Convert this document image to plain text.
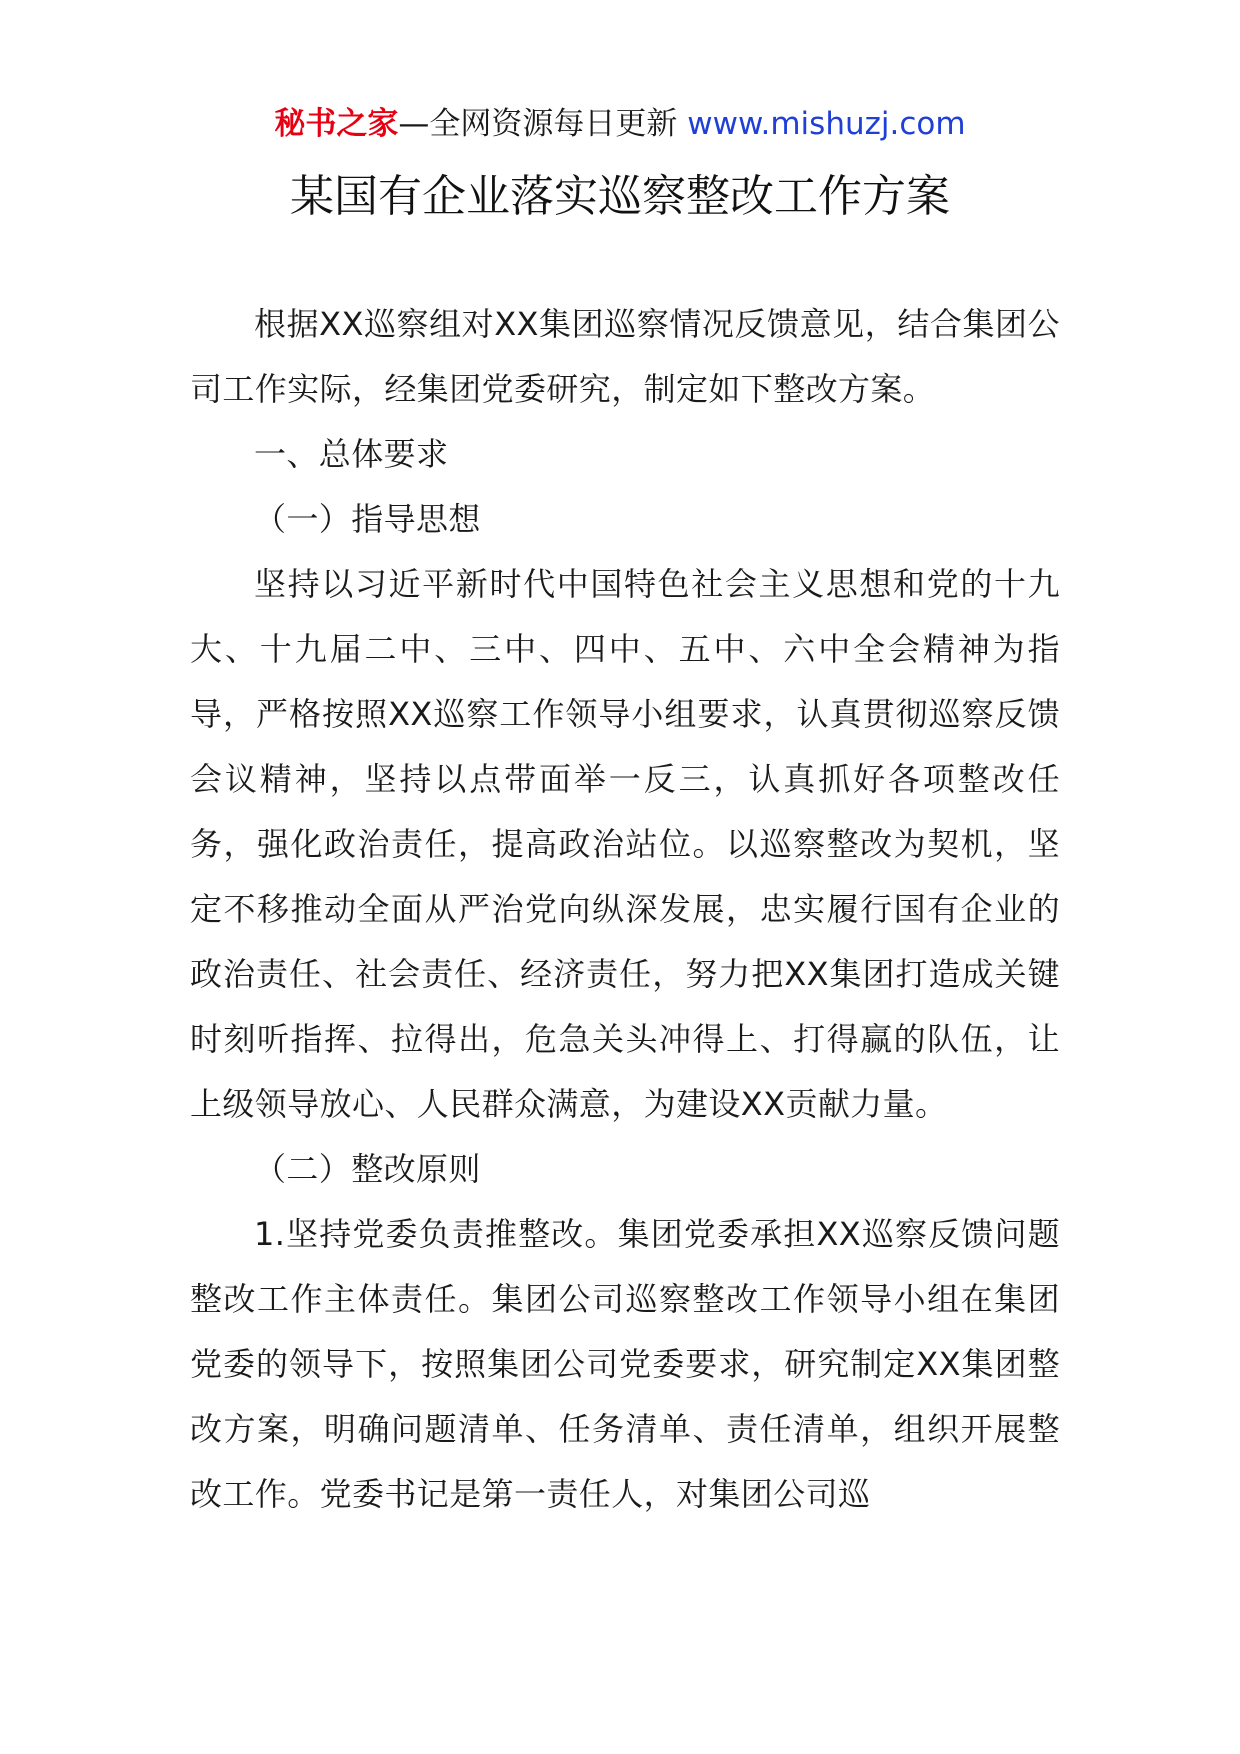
秘书之家—全网资源每日更新 www.mishuzj.com
某国有企业落实巡察整改工作方案

根据XX巡察组对XX集团巡察情况反馈意见，结合集团公司工作实际，经集团党委研究，制定如下整改方案。

一、总体要求

（一）指导思想

坚持以习近平新时代中国特色社会主义思想和党的十九大、十九届二中、三中、四中、五中、六中全会精神为指导，严格按照XX巡察工作领导小组要求，认真贯彻巡察反馈会议精神，坚持以点带面举一反三，认真抓好各项整改任务，强化政治责任，提高政治站位。以巡察整改为契机，坚定不移推动全面从严治党向纵深发展，忠实履行国有企业的政治责任、社会责任、经济责任，努力把XX集团打造成关键时刻听指挥、拉得出，危急关头冲得上、打得赢的队伍，让上级领导放心、人民群众满意，为建设XX贡献力量。

（二）整改原则

1.坚持党委负责推整改。集团党委承担XX巡察反馈问题整改工作主体责任。集团公司巡察整改工作领导小组在集团党委的领导下，按照集团公司党委要求，研究制定XX集团整改方案，明确问题清单、任务清单、责任清单，组织开展整改工作。党委书记是第一责任人，对集团公司巡
